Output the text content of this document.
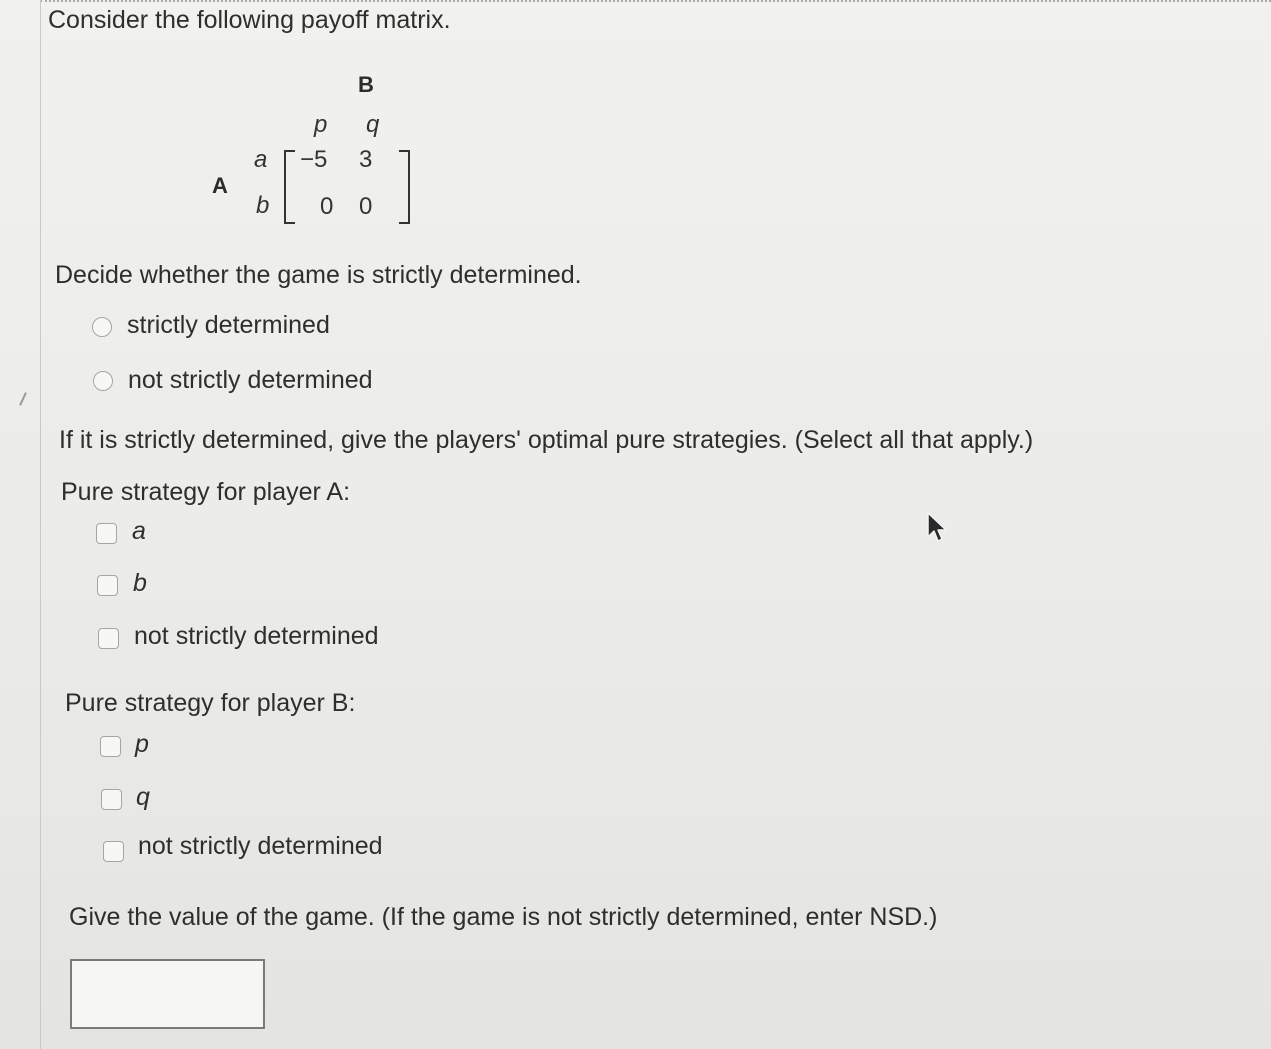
Consider the following payoff matrix.
B
p q
A
a
b
−5 3
0 0
Decide whether the game is strictly determined.
strictly determined
not strictly determined
If it is strictly determined, give the players' optimal pure strategies. (Select all that apply.)
Pure strategy for player A:
a
b
not strictly determined
Pure strategy for player B:
p
q
not strictly determined
Give the value of the game. (If the game is not strictly determined, enter NSD.)
